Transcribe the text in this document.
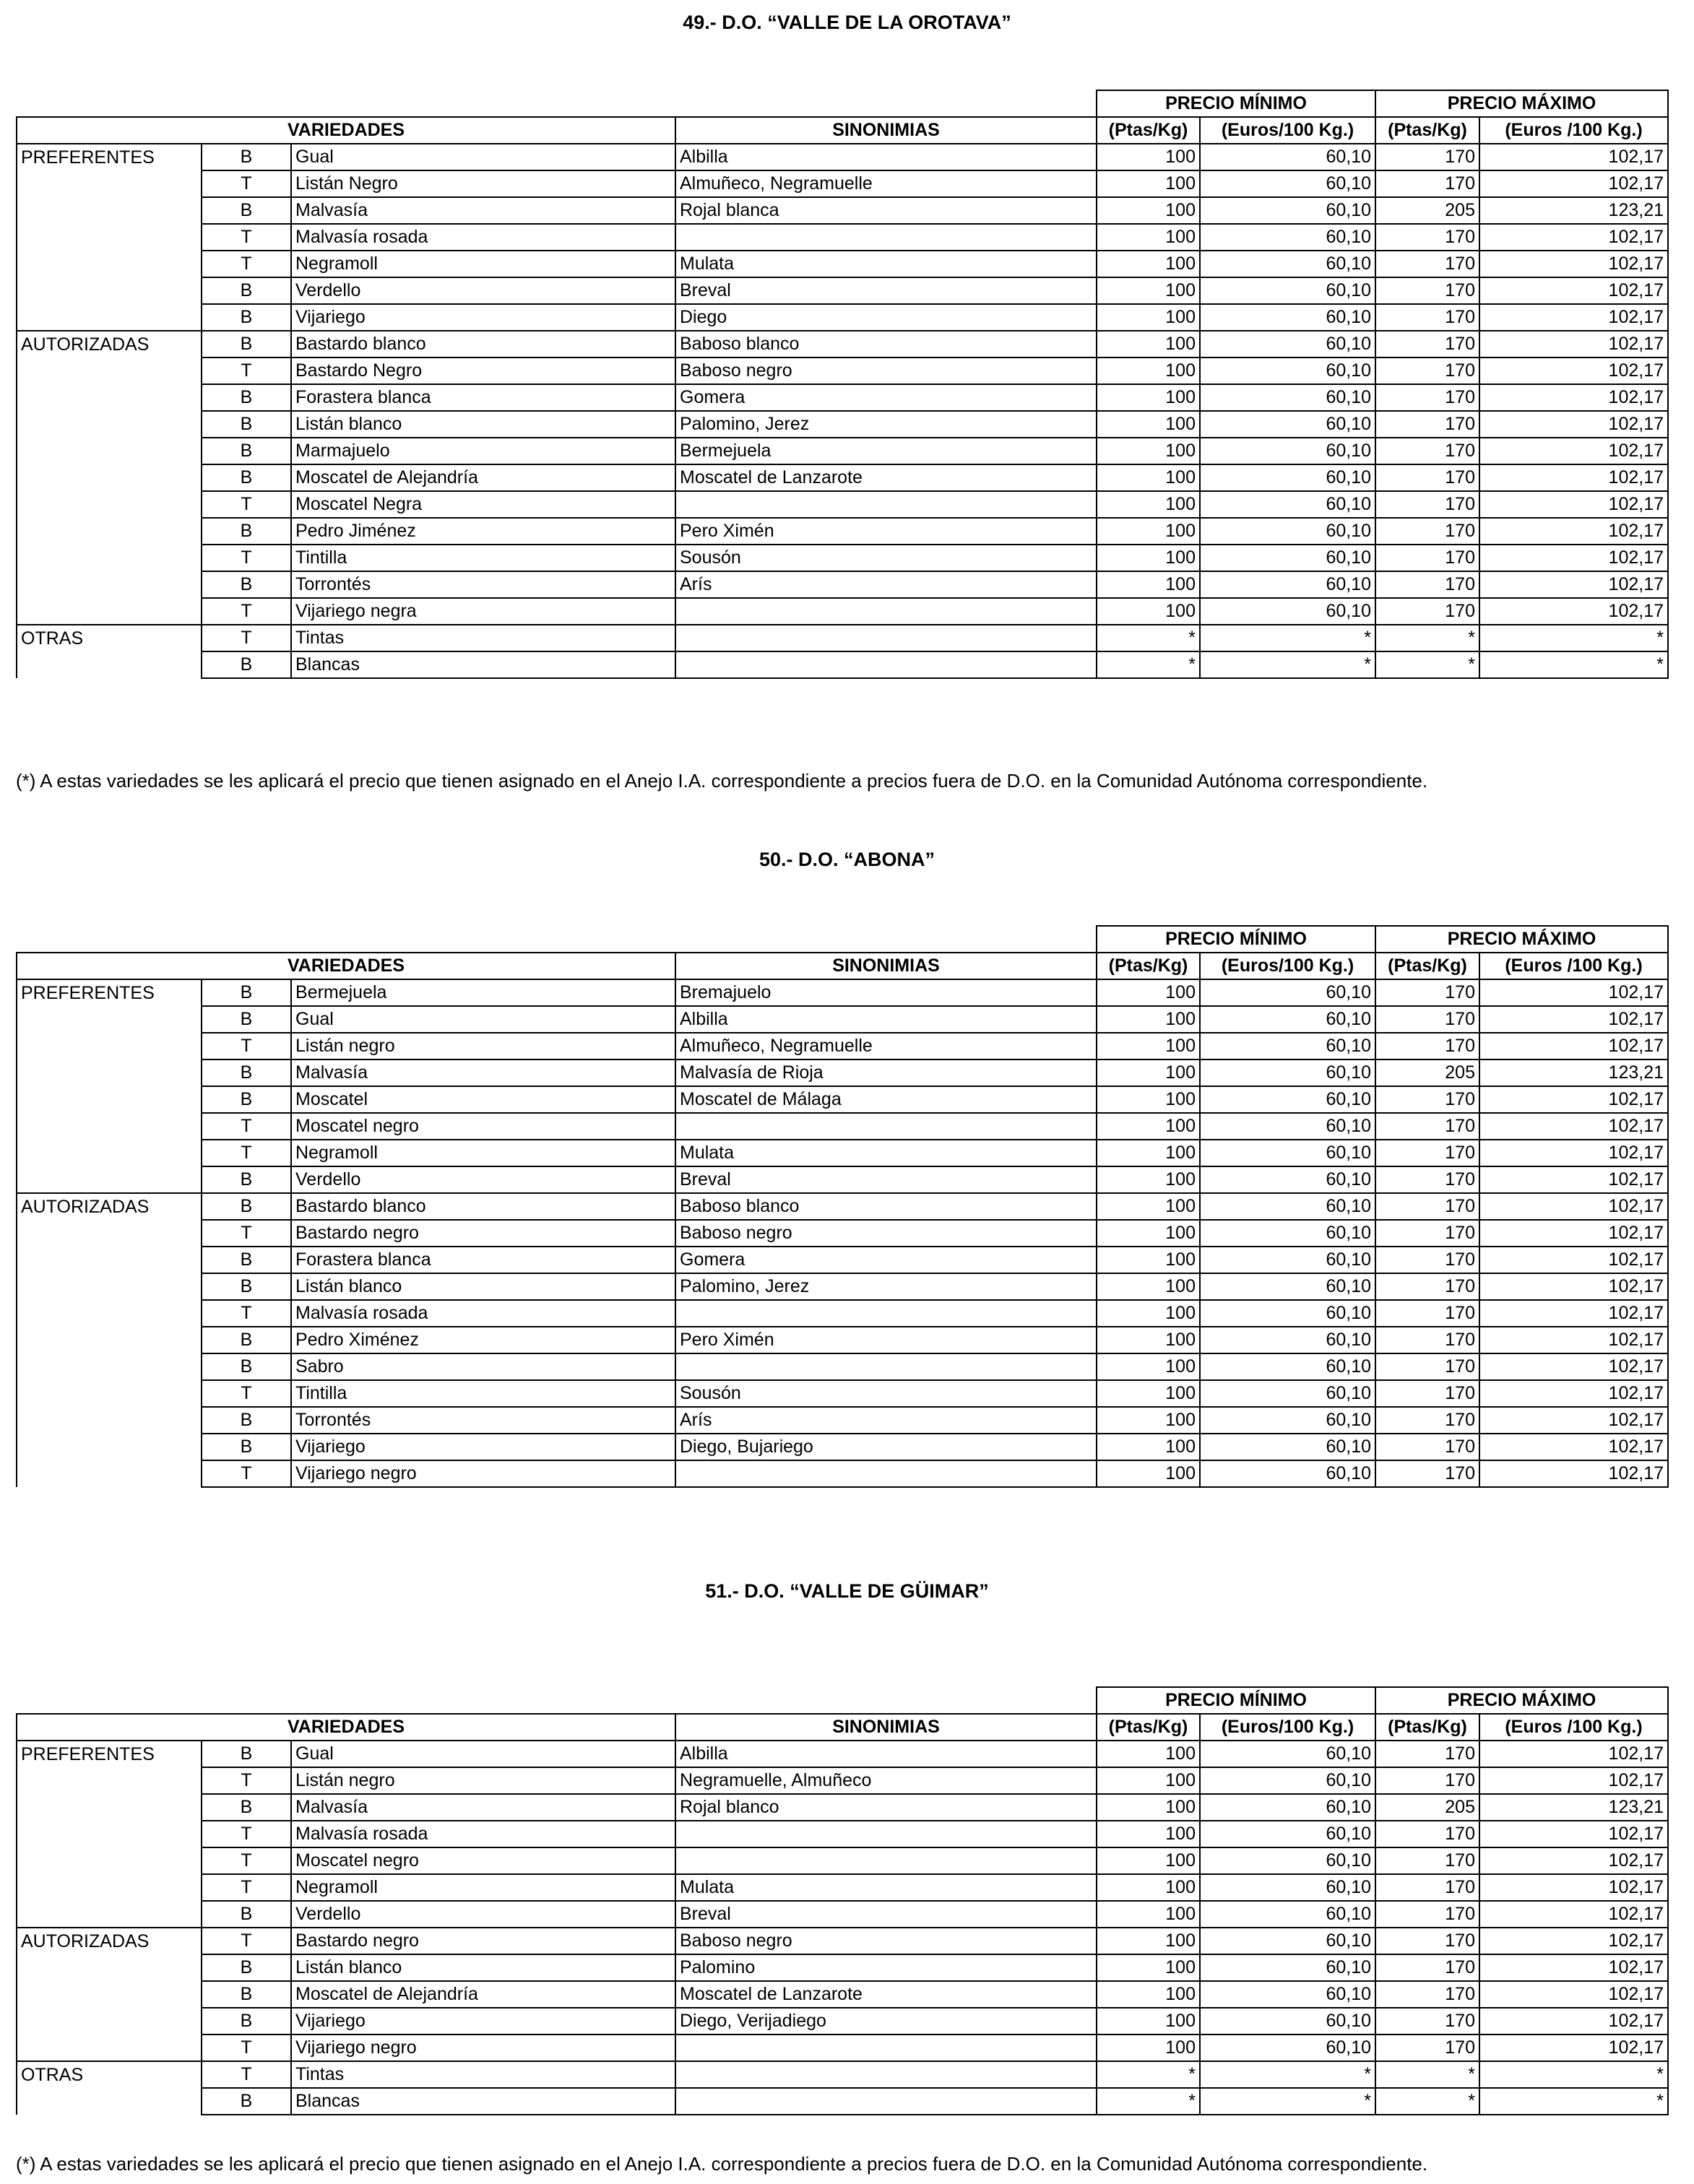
49.- D.O. “VALLE DE LA OROTAVA”
				PRECIO MÍNIMO		PRECIO MÁXIMO	
VARIEDADES			SINONIMIAS	(Ptas/Kg)	(Euros/100 Kg.)	(Ptas/Kg)	(Euros /100 Kg.)
PREFERENTES	B	Gual	Albilla	100	60,10	170	102,17
	T	Listán Negro	Almuñeco, Negramuelle	100	60,10	170	102,17
	B	Malvasía	Rojal blanca	100	60,10	205	123,21
	T	Malvasía rosada		100	60,10	170	102,17
	T	Negramoll	Mulata	100	60,10	170	102,17
	B	Verdello	Breval	100	60,10	170	102,17
	B	Vijariego	Diego	100	60,10	170	102,17
AUTORIZADAS	B	Bastardo blanco	Baboso blanco	100	60,10	170	102,17
	T	Bastardo Negro	Baboso negro	100	60,10	170	102,17
	B	Forastera blanca	Gomera	100	60,10	170	102,17
	B	Listán blanco	Palomino, Jerez	100	60,10	170	102,17
	B	Marmajuelo	Bermejuela	100	60,10	170	102,17
	B	Moscatel de Alejandría	Moscatel de Lanzarote	100	60,10	170	102,17
	T	Moscatel Negra		100	60,10	170	102,17
	B	Pedro Jiménez	Pero Ximén	100	60,10	170	102,17
	T	Tintilla	Sousón	100	60,10	170	102,17
	B	Torrontés	Arís	100	60,10	170	102,17
	T	Vijariego negra		100	60,10	170	102,17
OTRAS	T	Tintas		*	*	*	*
	B	Blancas		*	*	*	*
(*) A estas variedades se les aplicará el precio que tienen asignado en el Anejo I.A. correspondiente a precios fuera de D.O. en la Comunidad Autónoma correspondiente.
50.- D.O. “ABONA”
				PRECIO MÍNIMO		PRECIO MÁXIMO	
VARIEDADES			SINONIMIAS	(Ptas/Kg)	(Euros/100 Kg.)	(Ptas/Kg)	(Euros /100 Kg.)
PREFERENTES	B	Bermejuela	Bremajuelo	100	60,10	170	102,17
	B	Gual	Albilla	100	60,10	170	102,17
	T	Listán negro	Almuñeco, Negramuelle	100	60,10	170	102,17
	B	Malvasía	Malvasía de Rioja	100	60,10	205	123,21
	B	Moscatel	Moscatel de Málaga	100	60,10	170	102,17
	T	Moscatel negro		100	60,10	170	102,17
	T	Negramoll	Mulata	100	60,10	170	102,17
	B	Verdello	Breval	100	60,10	170	102,17
AUTORIZADAS	B	Bastardo blanco	Baboso blanco	100	60,10	170	102,17
	T	Bastardo negro	Baboso negro	100	60,10	170	102,17
	B	Forastera blanca	Gomera	100	60,10	170	102,17
	B	Listán blanco	Palomino, Jerez	100	60,10	170	102,17
	T	Malvasía rosada		100	60,10	170	102,17
	B	Pedro Ximénez	Pero Ximén	100	60,10	170	102,17
	B	Sabro		100	60,10	170	102,17
	T	Tintilla	Sousón	100	60,10	170	102,17
	B	Torrontés	Arís	100	60,10	170	102,17
	B	Vijariego	Diego, Bujariego	100	60,10	170	102,17
	T	Vijariego negro		100	60,10	170	102,17
51.- D.O. “VALLE DE GÜIMAR”
				PRECIO MÍNIMO		PRECIO MÁXIMO	
VARIEDADES			SINONIMIAS	(Ptas/Kg)	(Euros/100 Kg.)	(Ptas/Kg)	(Euros /100 Kg.)
PREFERENTES	B	Gual	Albilla	100	60,10	170	102,17
	T	Listán negro	Negramuelle, Almuñeco	100	60,10	170	102,17
	B	Malvasía	Rojal blanco	100	60,10	205	123,21
	T	Malvasía rosada		100	60,10	170	102,17
	T	Moscatel negro		100	60,10	170	102,17
	T	Negramoll	Mulata	100	60,10	170	102,17
	B	Verdello	Breval	100	60,10	170	102,17
AUTORIZADAS	T	Bastardo negro	Baboso negro	100	60,10	170	102,17
	B	Listán blanco	Palomino	100	60,10	170	102,17
	B	Moscatel de Alejandría	Moscatel de Lanzarote	100	60,10	170	102,17
	B	Vijariego	Diego, Verijadiego	100	60,10	170	102,17
	T	Vijariego negro		100	60,10	170	102,17
OTRAS	T	Tintas		*	*	*	*
	B	Blancas		*	*	*	*
(*) A estas variedades se les aplicará el precio que tienen asignado en el Anejo I.A. correspondiente a precios fuera de D.O. en la Comunidad Autónoma correspondiente.
